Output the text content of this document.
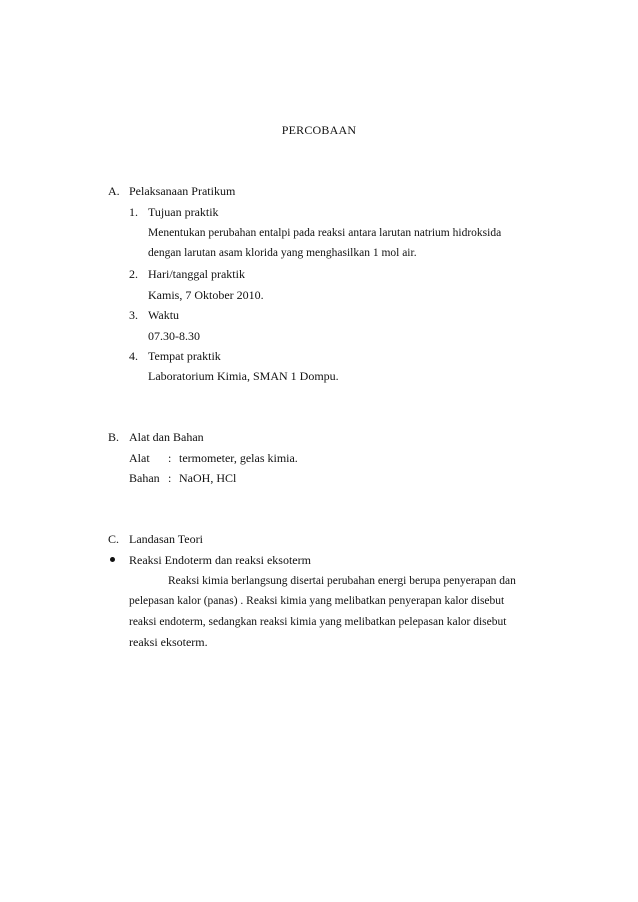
PERCOBAAN
A. Pelaksanaan Pratikum
1. Tujuan praktik
Menentukan perubahan entalpi pada reaksi antara larutan natrium hidroksida
dengan larutan asam klorida yang menghasilkan 1 mol air.
2. Hari/tanggal praktik
Kamis, 7 Oktober 2010.
3. Waktu
07.30-8.30
4. Tempat praktik
Laboratorium Kimia, SMAN 1 Dompu.
B. Alat dan Bahan
Alat : termometer, gelas kimia.
Bahan : NaOH, HCl
C. Landasan Teori
Reaksi Endoterm dan reaksi eksoterm
Reaksi kimia berlangsung disertai perubahan energi berupa penyerapan dan
pelepasan kalor (panas) . Reaksi kimia yang melibatkan penyerapan kalor disebut
reaksi endoterm, sedangkan reaksi kimia yang melibatkan pelepasan kalor disebut
reaksi eksoterm.
